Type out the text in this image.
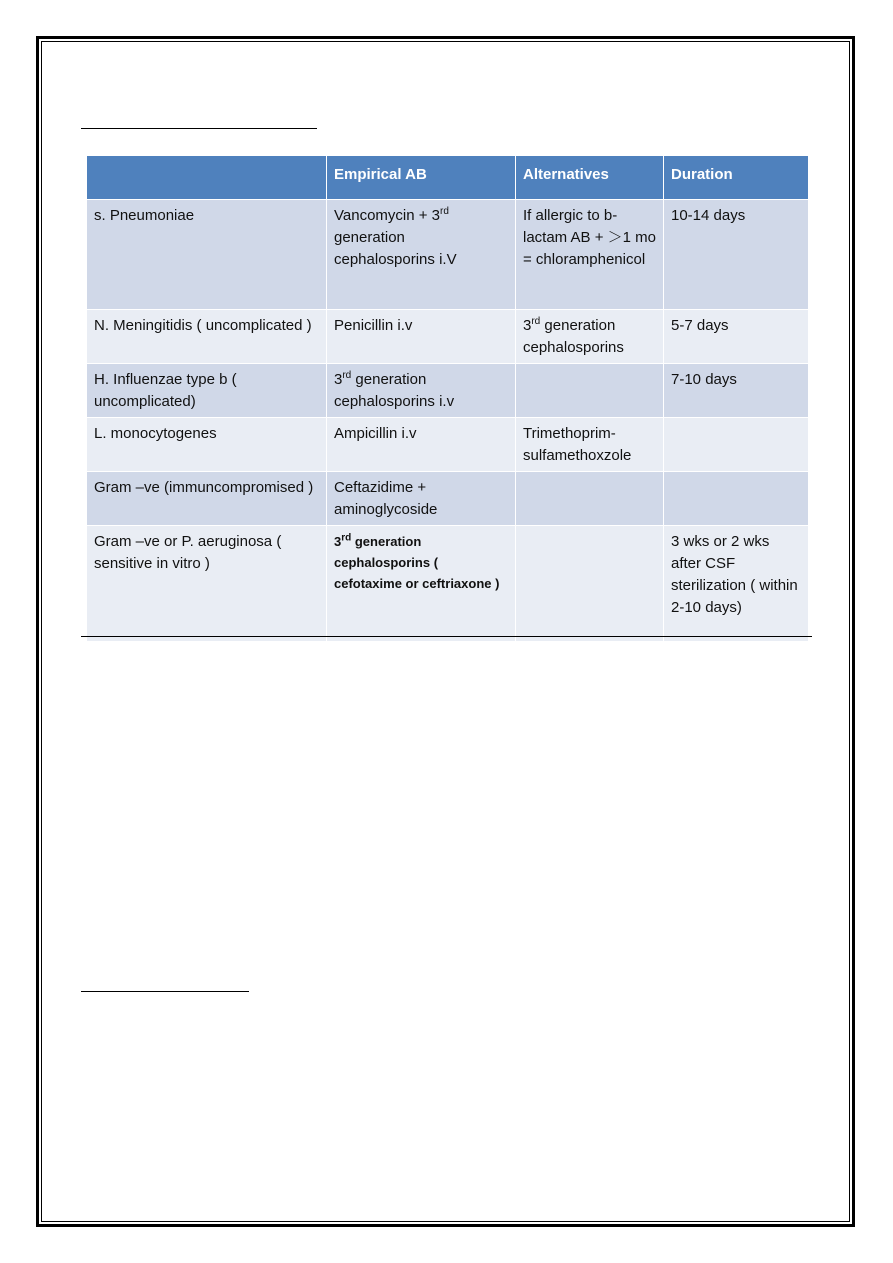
	Empirical AB	Alternatives	Duration
s. Pneumoniae	Vancomycin + 3rd generation cephalosporins i.V	If allergic to b-lactam AB + ＞1 mo = chloramphenicol	10-14 days
N. Meningitidis ( uncomplicated )	Penicillin i.v	3rd generation cephalosporins	5-7 days
H. Influenzae type b ( uncomplicated)	3rd generation cephalosporins i.v		7-10 days
L. monocytogenes	Ampicillin i.v	Trimethoprim-sulfamethoxzole	
Gram –ve (immuncompromised )	Ceftazidime + aminoglycoside		
Gram –ve or P. aeruginosa ( sensitive in vitro )	3rd generation cephalosporins ( cefotaxime or ceftriaxone )		3 wks or 2 wks after CSF sterilization ( within 2-10 days)
